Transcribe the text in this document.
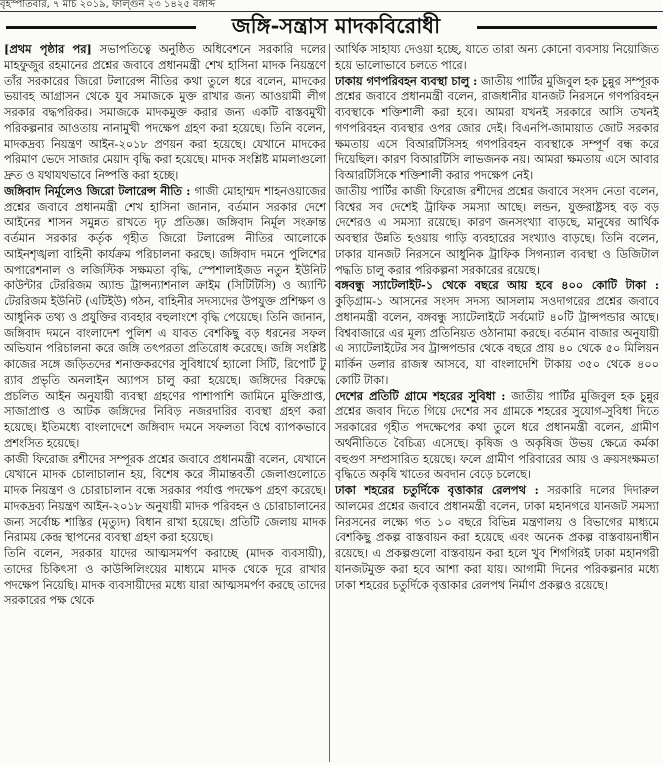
বৃহস্পতিবার, ৭ মার্চ ২০১৯, ফাল্গুন ২৩ ১৪২৫ বঙ্গাব্দ
জঙ্গি-সন্ত্রাস মাদকবিরোধী

[প্রথম পৃষ্ঠার পর] সভাপতিত্বে অনুষ্ঠিত অধিবেশনে সরকারি দলের মাহফুজুর রহমানের প্রশ্নের জবাবে প্রধানমন্ত্রী শেখ হাসিনা মাদক নিয়ন্ত্রণে তাঁর সরকারের জিরো টলারেন্স নীতির কথা তুলে ধরে বলেন, মাদকের ভয়াবহ আগ্রাসন থেকে যুব সমাজকে মুক্ত রাখার জন্য আওয়ামী লীগ সরকার বদ্ধপরিকর। সমাজকে মাদকমুক্ত করার জন্য একটি বাস্তবমুখী পরিকল্পনার আওতায় নানামুখী পদক্ষেপ গ্রহণ করা হয়েছে। তিনি বলেন, মাদকদ্রব্য নিয়ন্ত্রণ আইন-২০১৮ প্রণয়ন করা হয়েছে। যেখানে মাদকের পরিমাণ ভেদে সাজার মেয়াদ বৃদ্ধি করা হয়েছে। মাদক সংশ্লিষ্ট মামলাগুলো দ্রুত ও যথাযথভাবে নিষ্পত্তি করা হচ্ছে।

জঙ্গিবাদ নির্মূলেও জিরো টলারেন্স নীতি : গাজী মোহাম্মদ শাহনওয়াজের প্রশ্নের জবাবে প্রধানমন্ত্রী শেখ হাসিনা জানান, বর্তমান সরকার দেশে আইনের শাসন সমুন্নত রাখতে দৃঢ় প্রতিজ্ঞ। জঙ্গিবাদ নির্মূল সংক্রান্ত বর্তমান সরকার কর্তৃক গৃহীত জিরো টলারেন্স নীতির আলোকে আইনশৃঙ্খলা বাহিনী কার্যক্রম পরিচালনা করছে। জঙ্গিবাদ দমনে পুলিশের অপারেশনাল ও লজিস্টিক সক্ষমতা বৃদ্ধি, স্পেশালাইজড নতুন ইউনিট কাউন্টার টেররিজম অ্যান্ড ট্রান্সন্যাশনাল ক্রাইম (সিটিটিসি) ও অ্যান্টি টেররিজম ইউনিট (এটিইউ) গঠন, বাহিনীর সদস্যদের উপযুক্ত প্রশিক্ষণ ও আধুনিক তথ্য ও প্রযুক্তির ব্যবহার বহুলাংশে বৃদ্ধি পেয়েছে। তিনি জানান, জঙ্গিবাদ দমনে বাংলাদেশ পুলিশ এ যাবত বেশকিছু বড় ধরনের সফল অভিযান পরিচালনা করে জঙ্গি তৎপরতা প্রতিরোধ করেছে। জঙ্গি সংশ্লিষ্ট কাজের সঙ্গে জড়িতদের শনাক্তকরণের সুবিধার্থে হ্যালো সিটি, রিপোর্ট টু র‌্যাব প্রভৃতি অনলাইন অ্যাপস চালু করা হয়েছে। জঙ্গিদের বিরুদ্ধে প্রচলিত আইন অনুযায়ী ব্যবস্থা গ্রহণের পাশাপাশি জামিনে মুক্তিপ্রাপ্ত, সাজাপ্রাপ্ত ও আটক জঙ্গিদের নিবিড় নজরদারির ব্যবস্থা গ্রহণ করা হয়েছে। ইতিমধ্যে বাংলাদেশে জঙ্গিবাদ দমনে সফলতা বিশ্বে ব্যাপকভাবে প্রশংসিত হয়েছে।

কাজী ফিরোজ রশীদের সম্পূরক প্রশ্নের জবাবে প্রধানমন্ত্রী বলেন, যেখানে যেখানে মাদক চোলাচালান হয়, বিশেষ করে সীমান্তবর্তী জেলাগুলোতে মাদক নিয়ন্ত্রণ ও চোরাচালান বন্ধে সরকার পর্যাপ্ত পদক্ষেপ গ্রহণ করেছে। মাদকদ্রব্য নিয়ন্ত্রণ আইন-২০১৮ অনুযায়ী মাদক পরিবহন ও চোরাচালানের জন্য সর্বোচ্চ শাস্তির (মৃত্যুদ) বিধান রাখা হয়েছে। প্রতিটি জেলায় মাদক নিরাময় কেন্দ্র স্থাপনের ব্যবস্থা গ্রহণ করা হয়েছে।

তিনি বলেন, সরকার যাদের আত্মসমর্পণ করাচ্ছে (মাদক ব্যবসায়ী), তাদের চিকিৎসা ও কাউন্সিলিংয়ের মাধ্যমে মাদক থেকে দূরে রাখার পদক্ষেপ নিয়েছি। মাদক ব্যবসায়ীদের মধ্যে যারা আত্মসমর্পণ করছে তাদের সরকারের পক্ষ থেকে

আর্থিক সাহায্য দেওয়া হচ্ছে, যাতে তারা অন্য কোনো ব্যবসায় নিয়োজিত হয়ে ভালোভাবে চলতে পারে।

ঢাকায় গণপরিবহন ব্যবস্থা চালু : জাতীয় পার্টির মুজিবুল হক চুন্নুর সম্পূরক প্রশ্নের জবাবে প্রধানমন্ত্রী বলেন, রাজধানীর যানজট নিরসনে গণপরিবহন ব্যবস্থাকে শক্তিশালী করা হবে। আমরা যখনই সরকারে আসি তখনই গণপরিবহন ব্যবস্থার ওপর জোর দেই। বিএনপি-জামায়াত জোট সরকার ক্ষমতায় এসে বিআরটিসিসহ গণপরিবহন ব্যবস্থাকে সম্পূর্ণ বন্ধ করে দিয়েছিল। কারণ বিআরটিসি লাভজনক নয়। আমরা ক্ষমতায় এসে আবার বিআরটিসিকে শক্তিশালী করার পদক্ষেপ নেই।

জাতীয় পার্টির কাজী ফিরোজ রশীদের প্রশ্নের জবাবে সংসদ নেতা বলেন, বিশ্বের সব দেশেই ট্রাফিক সমস্যা আছে। লন্ডন, যুক্তরাষ্ট্রসহ বড় বড় দেশেরও এ সমস্যা রয়েছে। কারণ জনসংখ্যা বাড়ছে, মানুষের আর্থিক অবস্থার উন্নতি হওয়ায় গাড়ি ব্যবহারের সংখ্যাও বাড়ছে। তিনি বলেন, ঢাকার যানজট নিরসনে আধুনিক ট্রাফিক সিগন্যাল ব্যবস্থা ও ডিজিটাল পদ্ধতি চালু করার পরিকল্পনা সরকারের রয়েছে।

বঙ্গবন্ধু স্যাটেলাইট-১ থেকে বছরে আয় হবে ৪০০ কোটি টাকা : কুড়িগ্রাম-১ আসনের সংসদ সদস্য আসলাম সওদাগরের প্রশ্নের জবাবে প্রধানমন্ত্রী বলেন, বঙ্গবন্ধু স্যাটেলাইটে সর্বমোট ৪০টি ট্রান্সপন্ডার আছে। বিশ্ববাজারে এর মূল্য প্রতিনিয়ত ওঠানামা করছে। বর্তমান বাজার অনুযায়ী এ স্যাটেলাইটের সব ট্রান্সপন্ডার থেকে বছরে প্রায় ৪০ থেকে ৫০ মিলিয়ন মার্কিন ডলার রাজস্ব আসবে, যা বাংলাদেশি টাকায় ৩৫০ থেকে ৪০০ কোটি টাকা।

দেশের প্রতিটি গ্রামে শহরের সুবিধা : জাতীয় পার্টির মুজিবুল হক চুন্নুর প্রশ্নের জবাব দিতে গিয়ে দেশের সব গ্রামকে শহরের সুযোগ-সুবিধা দিতে সরকারের গৃহীত পদক্ষেপের কথা তুলে ধরে প্রধানমন্ত্রী বলেন, গ্রামীণ অর্থনীতিতে বৈচিত্র্য এসেছে। কৃষিজ ও অকৃষিজ উভয় ক্ষেত্রে কর্মকা বহুগুণ সম্প্রসারিত হয়েছে। ফলে গ্রামীণ পরিবারের আয় ও ক্রয়সংক্ষমতা বৃদ্ধিতে অকৃষি খাতের অবদান বেড়ে চলেছে।

ঢাকা শহরের চতুর্দিকে বৃত্তাকার রেলপথ : সরকারি দলের দিদারুল আলমের প্রশ্নের জবাবে প্রধানমন্ত্রী বলেন, ঢাকা মহানগরে যানজট সমস্যা নিরসনের লক্ষ্যে গত ১০ বছরে বিভিন্ন মন্ত্রণালয় ও বিভাগের মাধ্যমে বেশকিছু প্রকল্প বাস্তবায়ন করা হয়েছে এবং অনেক প্রকল্প বাস্তবায়নাধীন রয়েছে। এ প্রকল্পগুলো বাস্তবায়ন করা হলে খুব শিগগিরই ঢাকা মহানগরী যানজটমুক্ত করা হবে আশা করা যায়। আগামী দিনের পরিকল্পনার মধ্যে ঢাকা শহরের চতুর্দিকে বৃত্তাকার রেলপথ নির্মাণ প্রকল্পও রয়েছে।
